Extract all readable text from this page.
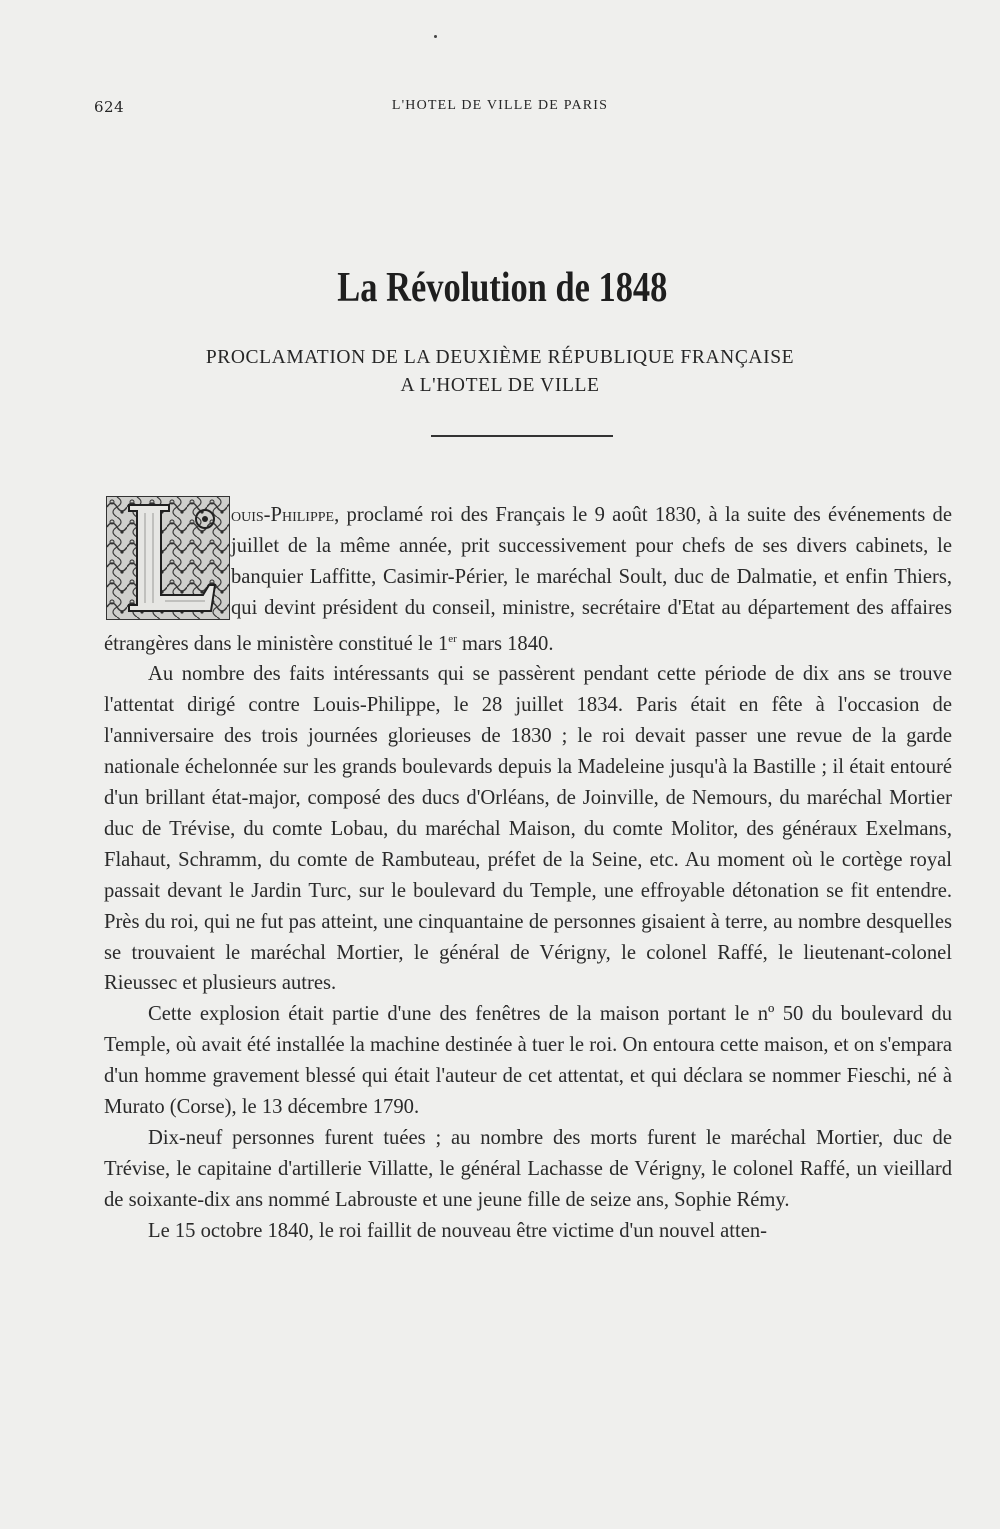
624	L'HOTEL DE VILLE DE PARIS
La Révolution de 1848
PROCLAMATION DE LA DEUXIÈME RÉPUBLIQUE FRANÇAISE
A L'HOTEL DE VILLE

ouis-Philippe, proclamé roi des Français le 9 août 1830, à la suite des événements de juillet de la même année, prit successivement pour chefs de ses divers cabinets, le banquier Laffitte, Casimir-Périer, le maréchal Soult, duc de Dalmatie, et enfin Thiers, qui devint président du conseil, ministre, secrétaire d'Etat au département des affaires étrangères dans le ministère constitué le 1er mars 1840.

Au nombre des faits intéressants qui se passèrent pendant cette période de dix ans se trouve l'attentat dirigé contre Louis-Philippe, le 28 juillet 1834. Paris était en fête à l'occasion de l'anniversaire des trois journées glorieuses de 1830 ; le roi devait passer une revue de la garde nationale échelonnée sur les grands boulevards depuis la Madeleine jusqu'à la Bastille ; il était entouré d'un brillant état-major, composé des ducs d'Orléans, de Joinville, de Nemours, du maréchal Mortier duc de Trévise, du comte Lobau, du maréchal Maison, du comte Molitor, des généraux Exelmans, Flahaut, Schramm, du comte de Rambuteau, préfet de la Seine, etc. Au moment où le cortège royal passait devant le Jardin Turc, sur le boulevard du Temple, une effroyable détonation se fit entendre. Près du roi, qui ne fut pas atteint, une cinquantaine de personnes gisaient à terre, au nombre desquelles se trouvaient le maréchal Mortier, le général de Vérigny, le colonel Raffé, le lieutenant-colonel Rieussec et plusieurs autres.

Cette explosion était partie d'une des fenêtres de la maison portant le nº 50 du boulevard du Temple, où avait été installée la machine destinée à tuer le roi. On entoura cette maison, et on s'empara d'un homme gravement blessé qui était l'auteur de cet attentat, et qui déclara se nommer Fieschi, né à Murato (Corse), le 13 décembre 1790.

Dix-neuf personnes furent tuées ; au nombre des morts furent le maréchal Mortier, duc de Trévise, le capitaine d'artillerie Villatte, le général Lachasse de Vérigny, le colonel Raffé, un vieillard de soixante-dix ans nommé Labrouste et une jeune fille de seize ans, Sophie Rémy.

Le 15 octobre 1840, le roi faillit de nouveau être victime d'un nouvel atten-
